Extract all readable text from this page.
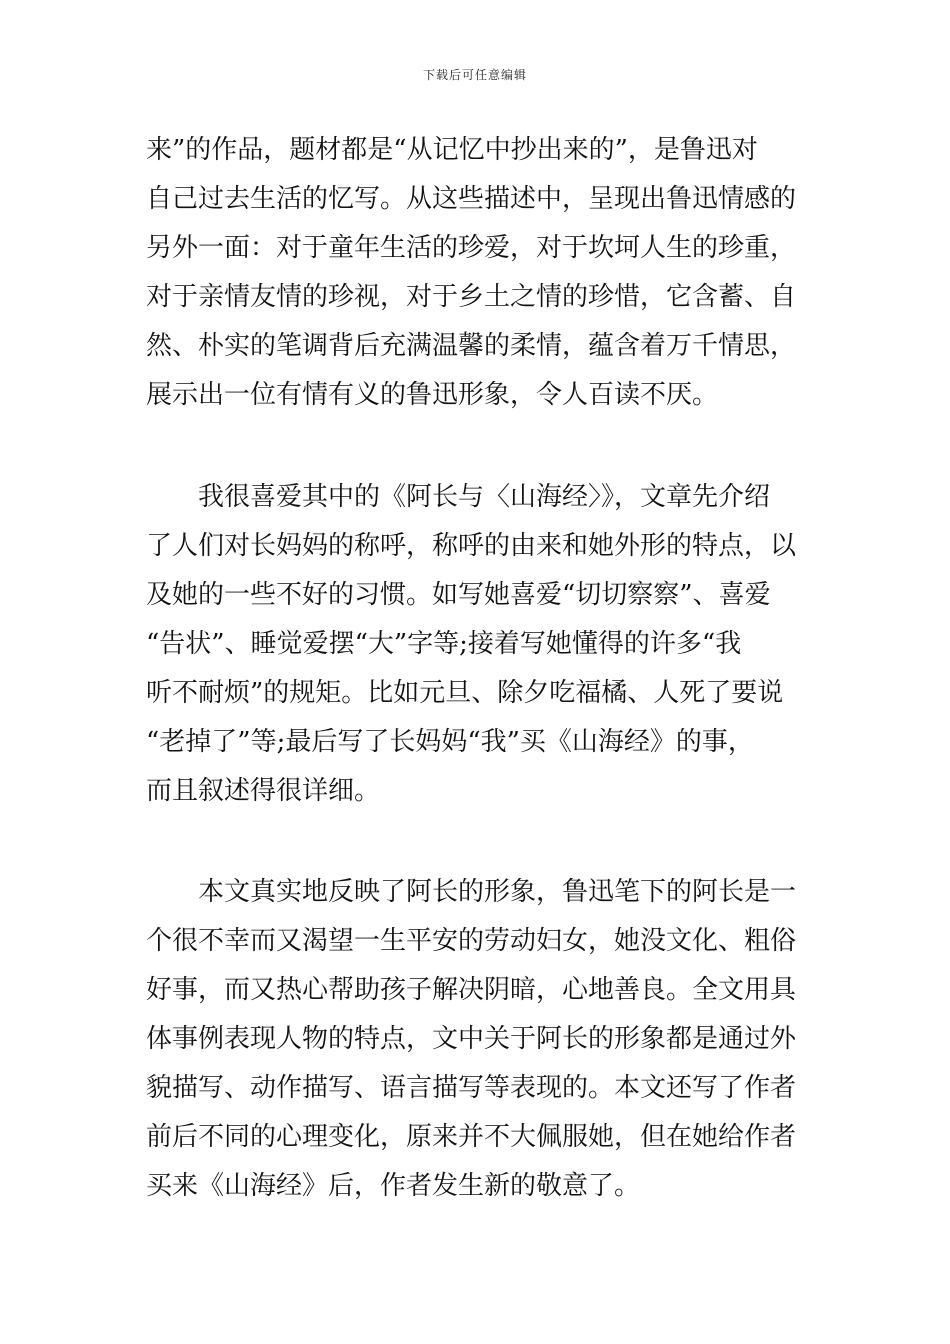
下载后可任意编辑
来”的作品，题材都是“从记忆中抄出来的”，是鲁迅对
自己过去生活的忆写。从这些描述中，呈现出鲁迅情感的
另外一面：对于童年生活的珍爱，对于坎坷人生的珍重，
对于亲情友情的珍视，对于乡土之情的珍惜，它含蓄、自
然、朴实的笔调背后充满温馨的柔情，蕴含着万千情思，
展示出一位有情有义的鲁迅形象，令人百读不厌。
　　我很喜爱其中的《阿长与〈山海经〉》，文章先介绍
了人们对长妈妈的称呼，称呼的由来和她外形的特点，以
及她的一些不好的习惯。如写她喜爱“切切察察”、喜爱
“告状”、睡觉爱摆“大”字等;接着写她懂得的许多“我
听不耐烦”的规矩。比如元旦、除夕吃福橘、人死了要说
“老掉了”等;最后写了长妈妈“我”买《山海经》的事，
而且叙述得很详细。
　　本文真实地反映了阿长的形象，鲁迅笔下的阿长是一
个很不幸而又渴望一生平安的劳动妇女，她没文化、粗俗
好事，而又热心帮助孩子解决阴暗，心地善良。全文用具
体事例表现人物的特点，文中关于阿长的形象都是通过外
貌描写、动作描写、语言描写等表现的。本文还写了作者
前后不同的心理变化，原来并不大佩服她，但在她给作者
买来《山海经》后，作者发生新的敬意了。
